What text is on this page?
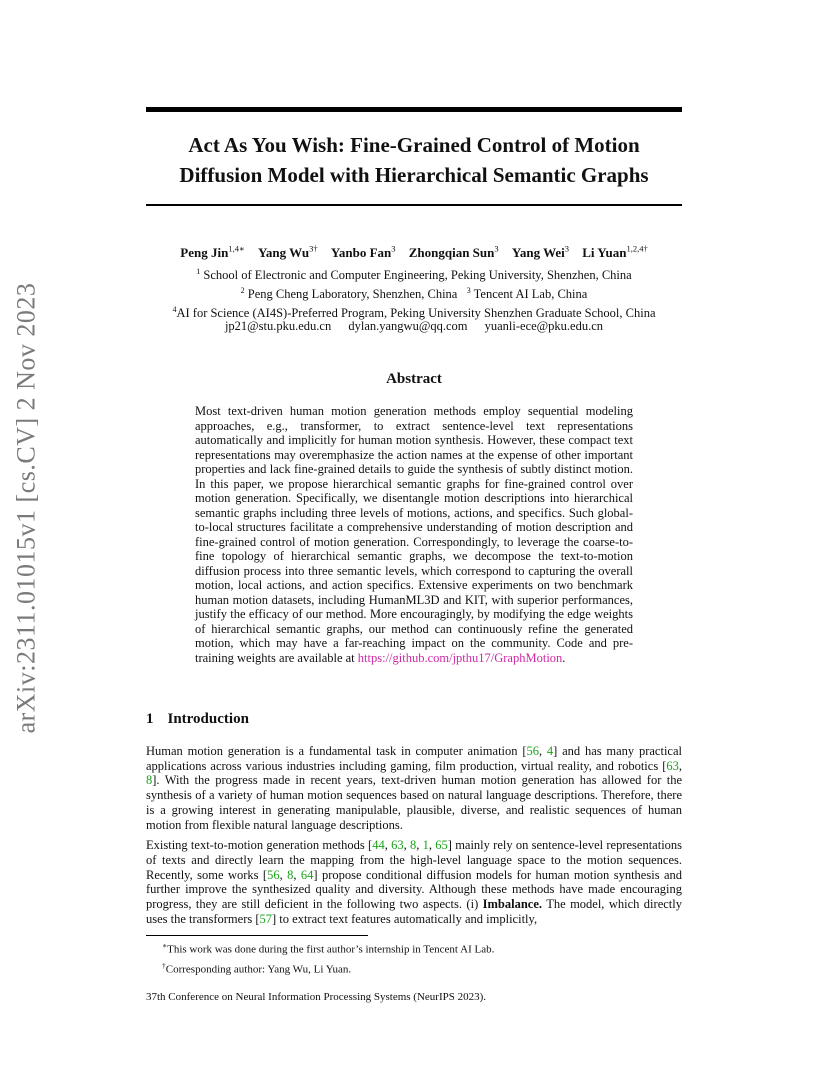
arXiv:2311.01015v1 [cs.CV] 2 Nov 2023
Act As You Wish: Fine-Grained Control of Motion
Diffusion Model with Hierarchical Semantic Graphs
Peng Jin$^{1,4∗}$ Yang $Wu^{3\dagger}$ Yanbo Fan$^3$ Zhongqian Sun$^3$ Yang Wei$^3$ Li Yuan$^{1,2,4\dagger}$
$^1$ School of Electronic and Computer Engineering, Peking University, Shenzhen, China
$^2$ Peng Cheng Laboratory, Shenzhen, China $^3$ Tencent AI Lab, China
$^4$AI for Science (AI4S)-Preferred Program, Peking University Shenzhen Graduate School, China
jp21@stu.pku.edu.cn dylan.yangwu@qq.com yuanli-ece@pku.edu.cn
Abstract
Most text-driven human motion generation methods employ sequential modeling approaches, e.g., transformer, to extract sentence-level text representations automatically and implicitly for human motion synthesis. However, these compact text representations may overemphasize the action names at the expense of other important properties and lack fine-grained details to guide the synthesis of subtly distinct motion. In this paper, we propose hierarchical semantic graphs for fine-grained control over motion generation. Specifically, we disentangle motion descriptions into hierarchical semantic graphs including three levels of motions, actions, and specifics. Such global-to-local structures facilitate a comprehensive understanding of motion description and fine-grained control of motion generation. Correspondingly, to leverage the coarse-to-fine topology of hierarchical semantic graphs, we decompose the text-to-motion diffusion process into three semantic levels, which correspond to capturing the overall motion, local actions, and action specifics. Extensive experiments on two benchmark human motion datasets, including HumanML3D and KIT, with superior performances, justify the efficacy of our method. More encouragingly, by modifying the edge weights of hierarchical semantic graphs, our method can continuously refine the generated motion, which may have a far-reaching impact on the community. Code and pre-training weights are available at https://github.com/jpthu17/GraphMotion.
1 Introduction

Human motion generation is a fundamental task in computer animation [56, 4] and has many practical applications across various industries including gaming, film production, virtual reality, and robotics [63, 8]. With the progress made in recent years, text-driven human motion generation has allowed for the synthesis of a variety of human motion sequences based on natural language descriptions. Therefore, there is a growing interest in generating manipulable, plausible, diverse, and realistic sequences of human motion from flexible natural language descriptions.

Existing text-to-motion generation methods [44, 63, 8, 1, 65] mainly rely on sentence-level representations of texts and directly learn the mapping from the high-level language space to the motion sequences. Recently, some works [56, 8, 64] propose conditional diffusion models for human motion synthesis and further improve the synthesized quality and diversity. Although these methods have made encouraging progress, they are still deficient in the following two aspects. (i) Imbalance. The model, which directly uses the transformers [57] to extract text features automatically and implicitly,

∗This work was done during the first author’s internship in Tencent AI Lab.
†Corresponding author: Yang Wu, Li Yuan.
37th Conference on Neural Information Processing Systems (NeurIPS 2023).
